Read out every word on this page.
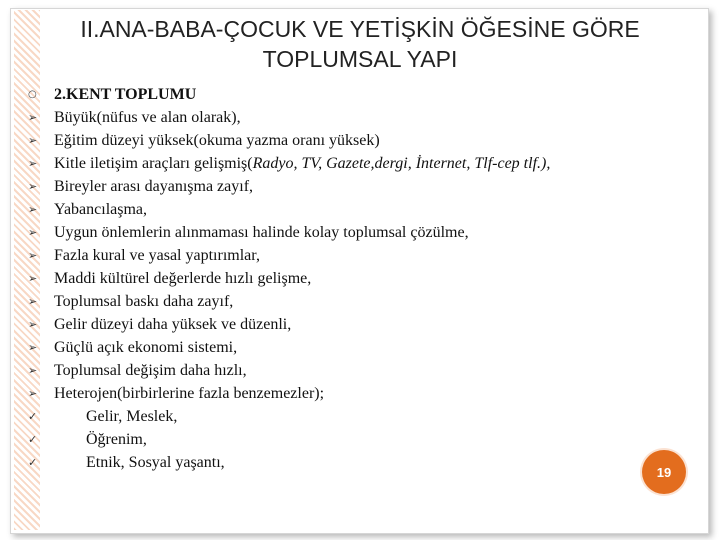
II.ANA-BABA-ÇOCUK VE YETİŞKİN ÖĞESİNE GÖRE
TOPLUMSAL YAPI
○	2.KENT TOPLUMU
➢	Büyük(nüfus ve alan olarak),
➢	Eğitim düzeyi yüksek(okuma yazma oranı yüksek)
➢	Kitle iletişim araçları gelişmiş(Radyo, TV, Gazete,dergi, İnternet, Tlf-cep tlf.),
➢	Bireyler arası dayanışma zayıf,
➢	Yabancılaşma,
➢	Uygun önlemlerin alınmaması halinde kolay toplumsal çözülme,
➢	Fazla kural ve yasal yaptırımlar,
➢	Maddi kültürel değerlerde hızlı gelişme,
➢	Toplumsal baskı daha zayıf,
➢	Gelir düzeyi daha yüksek ve düzenli,
➢	Güçlü açık ekonomi sistemi,
➢	Toplumsal değişim daha hızlı,
➢	Heterojen(birbirlerine fazla benzemezler);
✓	Gelir, Meslek,
✓	Öğrenim,
✓	Etnik, Sosyal yaşantı,
19
